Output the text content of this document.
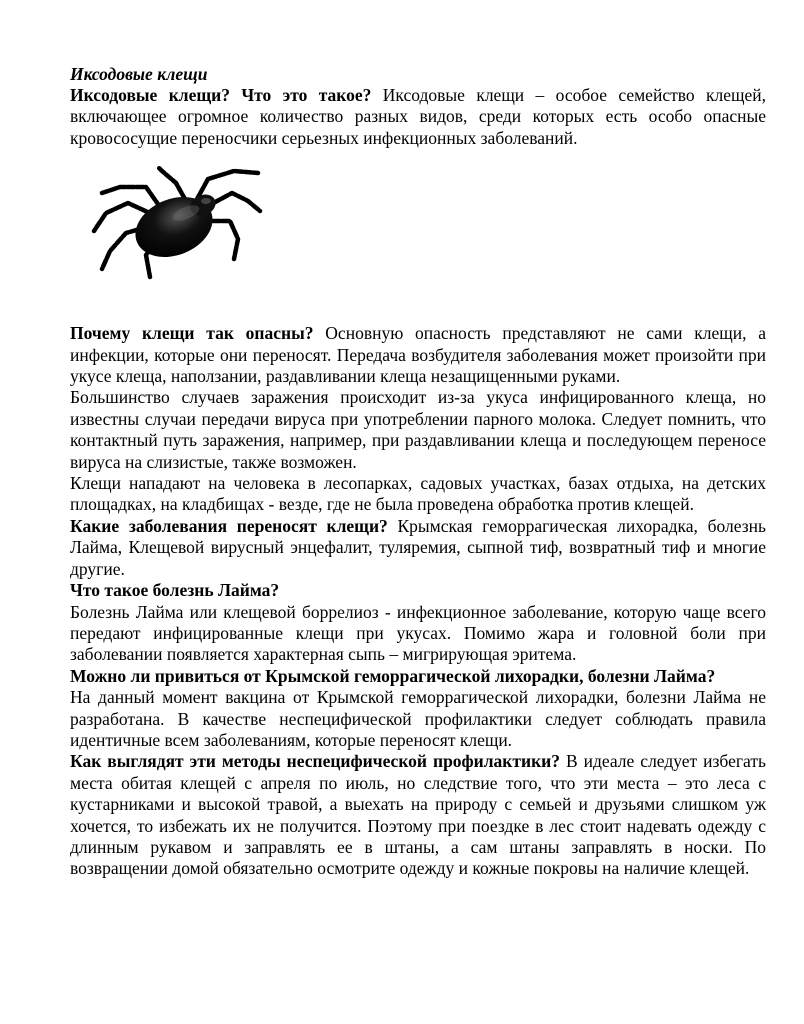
Иксодовые клещи

Иксодовые клещи? Что это такое? Иксодовые клещи – особое семейство клещей, включающее огромное количество разных видов, среди которых есть особо опасные кровососущие переносчики серьезных инфекционных заболеваний.

Почему клещи так опасны? Основную опасность представляют не сами клещи, а инфекции, которые они переносят. Передача возбудителя заболевания может произойти при укусе клеща, наползании, раздавливании клеща незащищенными руками.

Большинство случаев заражения происходит из-за укуса инфицированного клеща, но известны случаи передачи вируса при употреблении парного молока. Следует помнить, что контактный путь заражения, например, при раздавливании клеща и последующем переносе вируса на слизистые, также возможен.

Клещи нападают на человека в лесопарках, садовых участках, базах отдыха, на детских площадках, на кладбищах - везде, где не была проведена обработка против клещей.

Какие заболевания переносят клещи? Крымская геморрагическая лихорадка, болезнь Лайма, Клещевой вирусный энцефалит, туляремия, сыпной тиф, возвратный тиф и многие другие.

Что такое болезнь Лайма?

Болезнь Лайма или клещевой боррелиоз - инфекционное заболевание, которую чаще всего передают инфицированные клещи при укусах. Помимо жара и головной боли при заболевании появляется характерная сыпь – мигрирующая эритема.

Можно ли привиться от Крымской геморрагической лихорадки, болезни Лайма?

На данный момент вакцина от Крымской геморрагической лихорадки, болезни Лайма не разработана. В качестве неспецифической профилактики следует соблюдать правила идентичные всем заболеваниям, которые переносят клещи.

Как выглядят эти методы неспецифической профилактики? В идеале следует избегать места обитая клещей с апреля по июль, но следствие того, что эти места – это леса с кустарниками и высокой травой, а выехать на природу с семьей и друзьями слишком уж хочется, то избежать их не получится. Поэтому при поездке в лес стоит надевать одежду с длинным рукавом и заправлять ее в штаны, а сам штаны заправлять в носки. По возвращении домой обязательно осмотрите одежду и кожные покровы на наличие клещей.
